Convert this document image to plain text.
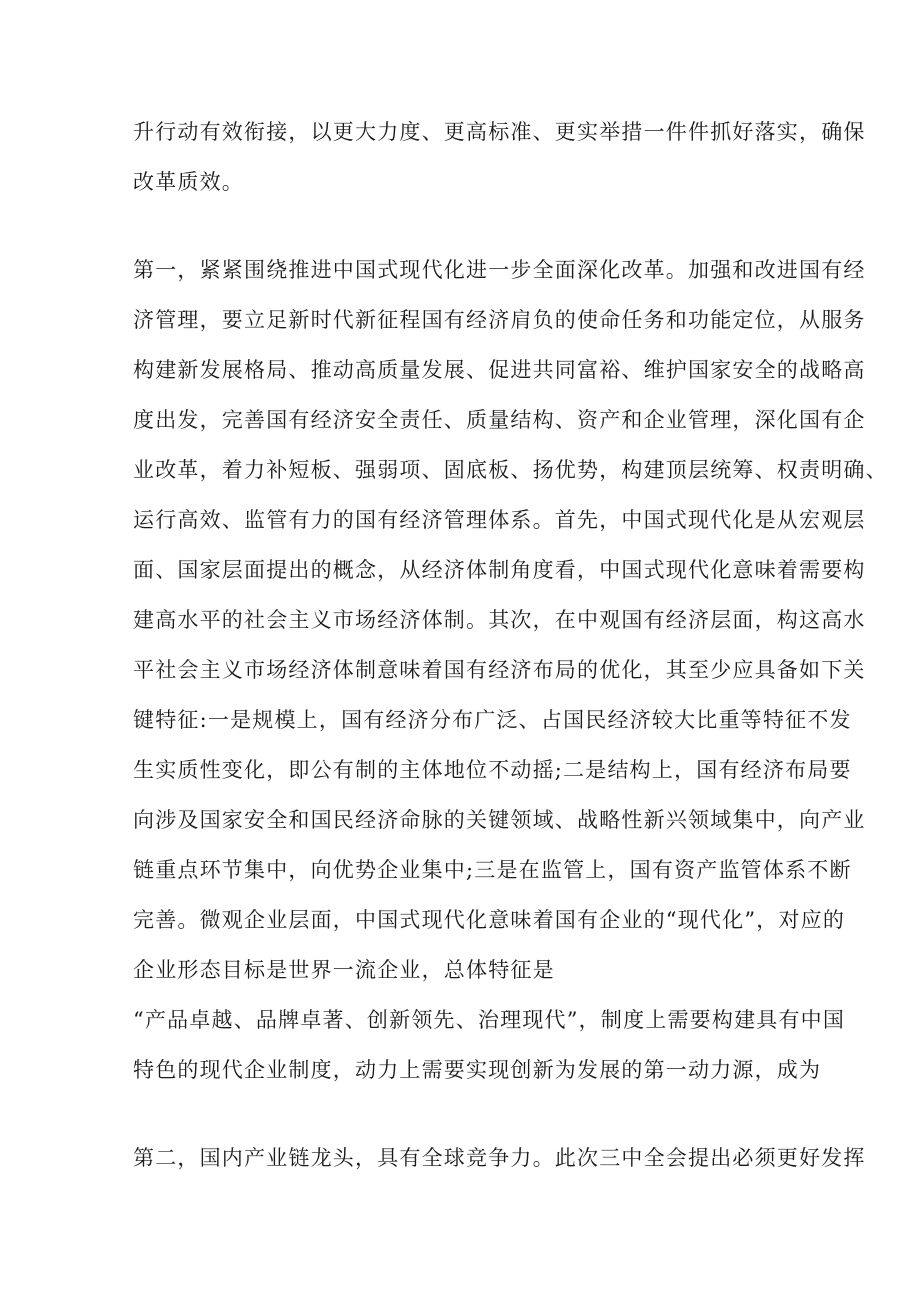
升行动有效衔接，以更大力度、更高标准、更实举措一件件抓好落实，确保
改革质效。
第一，紧紧围绕推进中国式现代化进一步全面深化改革。加强和改进国有经
济管理，要立足新时代新征程国有经济肩负的使命任务和功能定位，从服务
构建新发展格局、推动高质量发展、促进共同富裕、维护国家安全的战略高
度出发，完善国有经济安全责任、质量结构、资产和企业管理，深化国有企
业改革，着力补短板、强弱项、固底板、扬优势，构建顶层统筹、权责明确、
运行高效、监管有力的国有经济管理体系。首先，中国式现代化是从宏观层
面、国家层面提出的概念，从经济体制角度看，中国式现代化意味着需要构
建高水平的社会主义市场经济体制。其次，在中观国有经济层面，构这高水
平社会主义市场经济体制意味着国有经济布局的优化，其至少应具备如下关
键特征:一是规模上，国有经济分布广泛、占国民经济较大比重等特征不发
生实质性变化，即公有制的主体地位不动摇;二是结构上，国有经济布局要
向涉及国家安全和国民经济命脉的关键领域、战略性新兴领域集中，向产业
链重点环节集中，向优势企业集中;三是在监管上，国有资产监管体系不断
完善。微观企业层面，中国式现代化意味着国有企业的“现代化”，对应的
企业形态目标是世界一流企业，总体特征是
“产品卓越、品牌卓著、创新领先、治理现代”，制度上需要构建具有中国
特色的现代企业制度，动力上需要实现创新为发展的第一动力源，成为
第二，国内产业链龙头，具有全球竞争力。此次三中全会提出必须更好发挥
